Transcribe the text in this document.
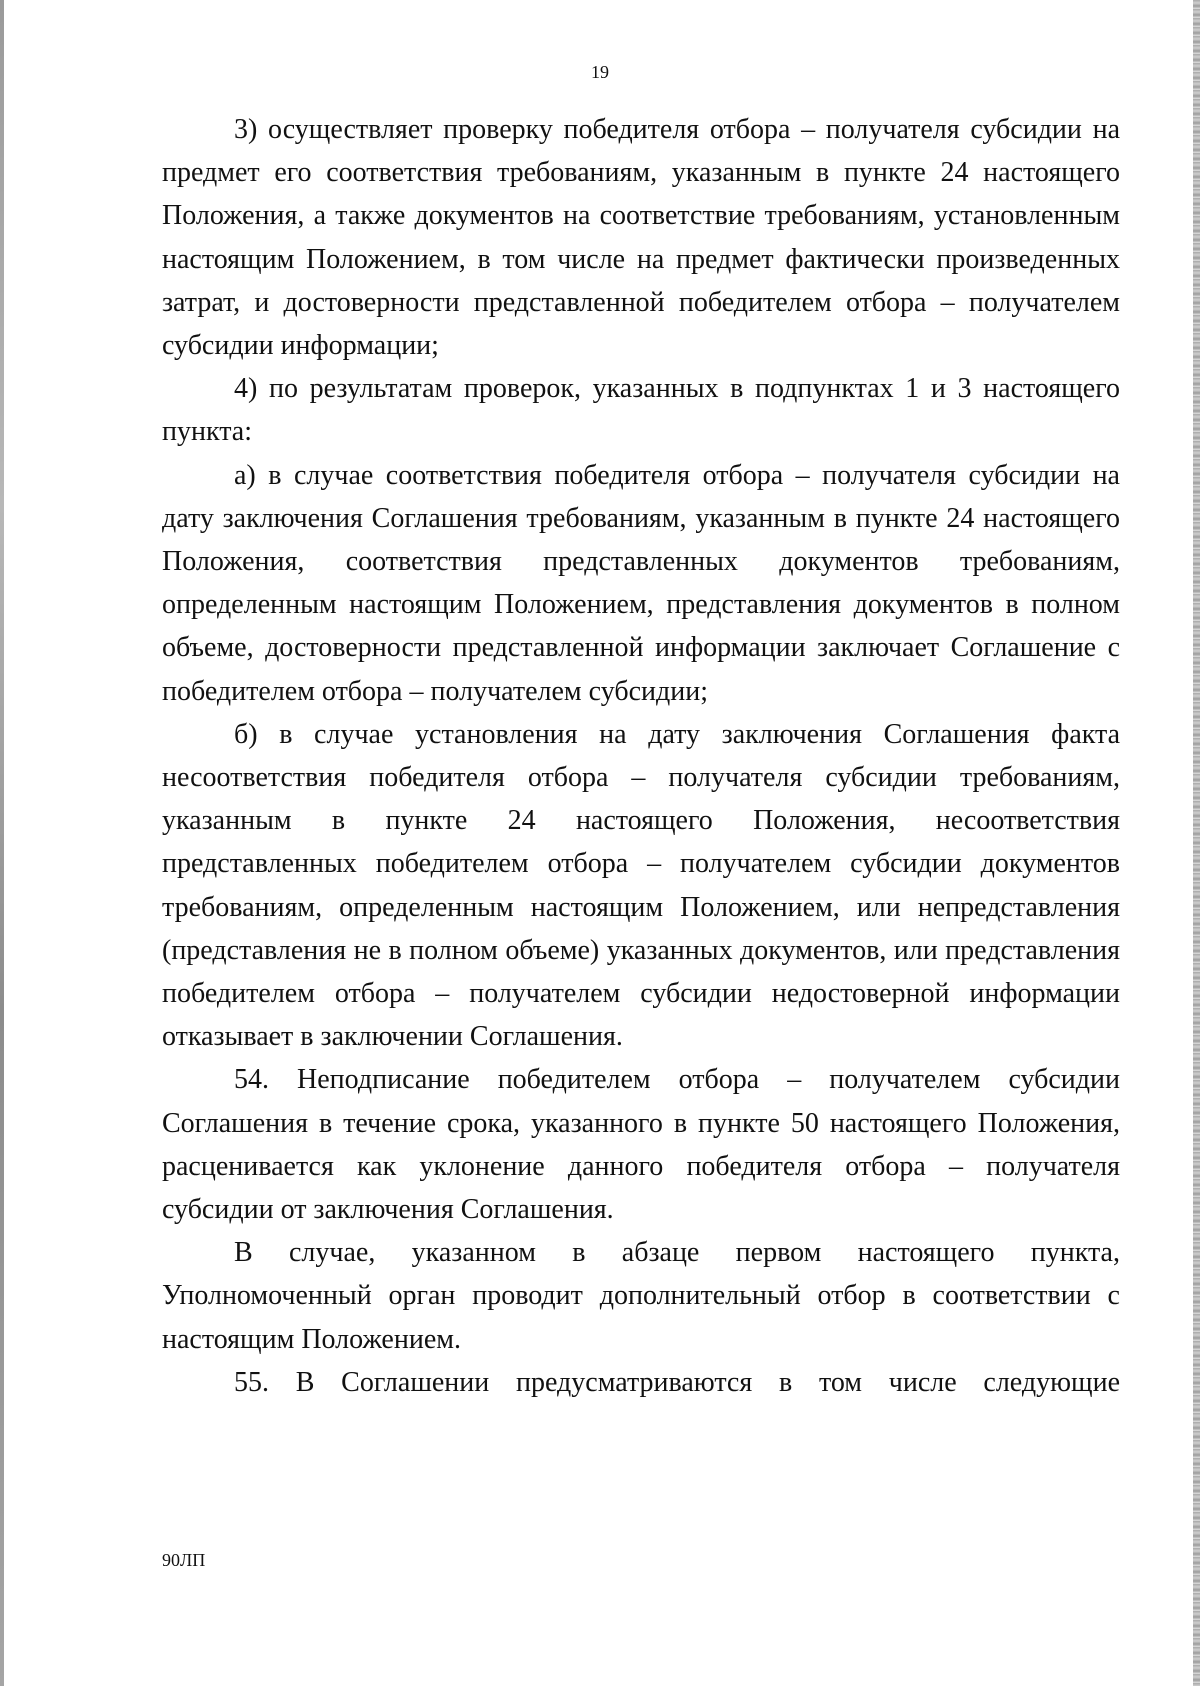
19

3) осуществляет проверку победителя отбора – получателя субсидии на предмет его соответствия требованиям, указанным в пункте 24 настоящего Положения, а также документов на соответствие требованиям, установленным настоящим Положением, в том числе на предмет фактически произведенных затрат, и достоверности представленной победителем отбора – получателем субсидии информации;

4) по результатам проверок, указанных в подпунктах 1 и 3 настоящего пункта:

а) в случае соответствия победителя отбора – получателя субсидии на дату заключения Соглашения требованиям, указанным в пункте 24 настоящего Положения, соответствия представленных документов требованиям, определенным настоящим Положением, представления документов в полном объеме, достоверности представленной информации заключает Соглашение с победителем отбора – получателем субсидии;

б) в случае установления на дату заключения Соглашения факта несоответствия победителя отбора – получателя субсидии требованиям, указанным в пункте 24 настоящего Положения, несоответствия представленных победителем отбора – получателем субсидии документов требованиям, определенным настоящим Положением, или непредставления (представления не в полном объеме) указанных документов, или представления победителем отбора – получателем субсидии недостоверной информации отказывает в заключении Соглашения.

54. Неподписание победителем отбора – получателем субсидии Соглашения в течение срока, указанного в пункте 50 настоящего Положения, расценивается как уклонение данного победителя отбора – получателя субсидии от заключения Соглашения.

В случае, указанном в абзаце первом настоящего пункта, Уполномоченный орган проводит дополнительный отбор в соответствии с настоящим Положением.

55. В Соглашении предусматриваются в том числе следующие

90ЛП
